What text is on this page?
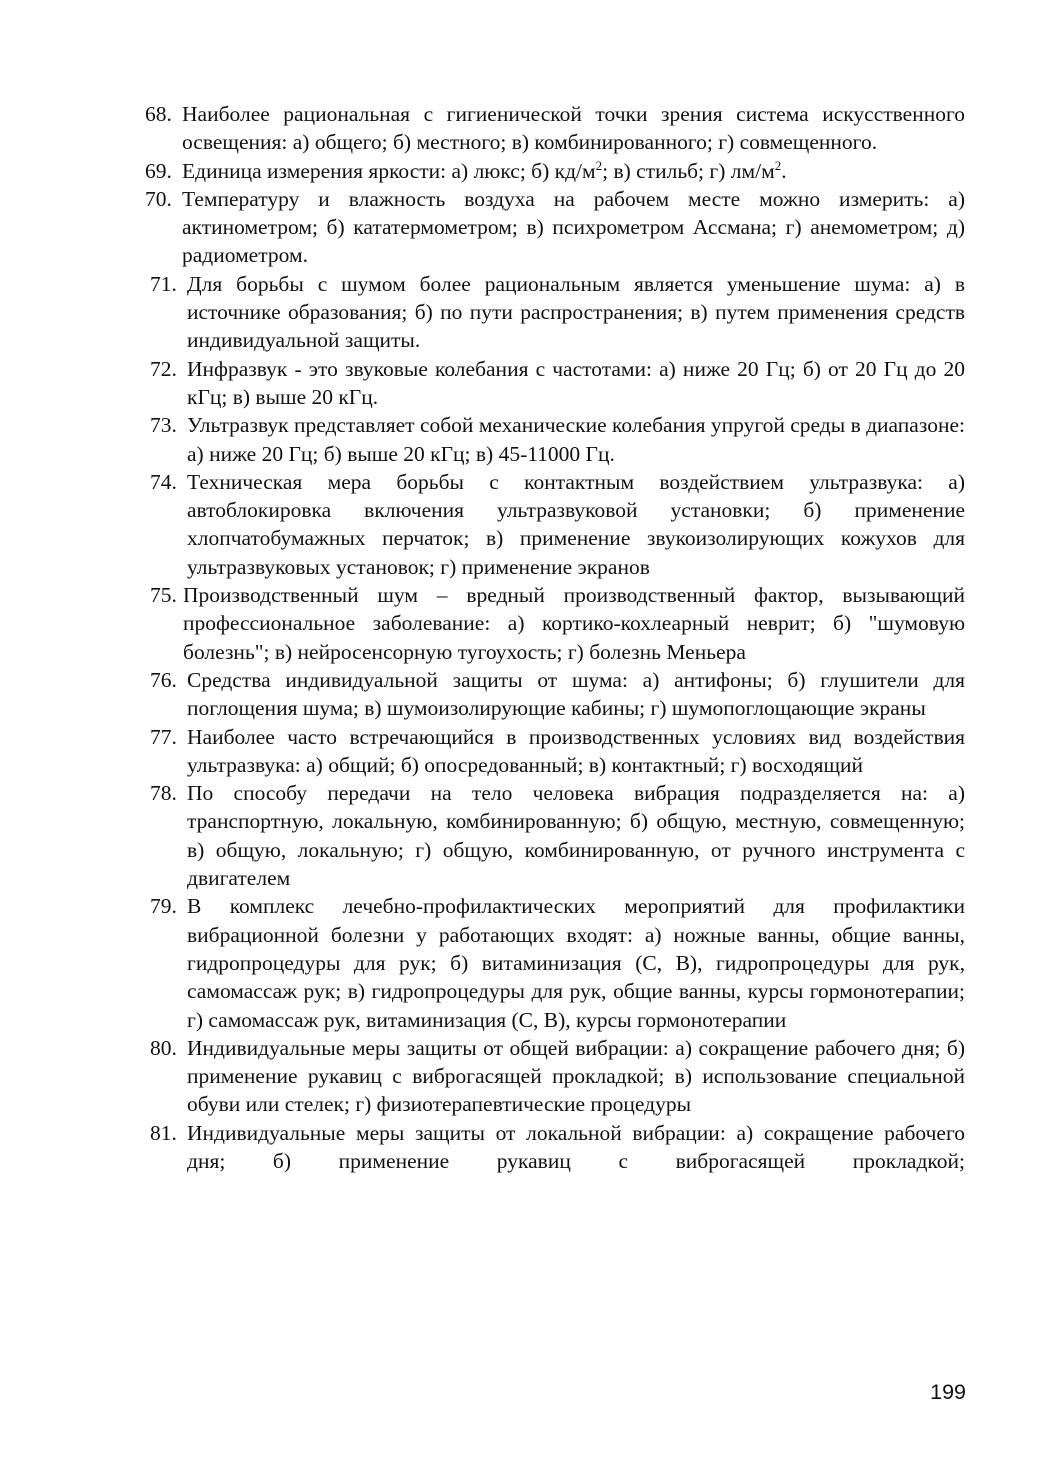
68. Наиболее рациональная с гигиенической точки зрения система искусственного освещения: а) общего; б) местного; в) комбинированного; г) совмещенного.
69. Единица измерения яркости: а) люкс; б) $кд/м^2$; в) стильб; г) $лм/м^2$.
70. Температуру и влажность воздуха на рабочем месте можно измерить: а) актинометром; б) кататермометром; в) психрометром Ассмана; г) анемометром; д) радиометром.
71. Для борьбы с шумом более рациональным является уменьшение шума: а) в источнике образования; б) по пути распространения; в) путем применения средств индивидуальной защиты.
72. Инфразвук - это звуковые колебания с частотами: а) ниже 20 Гц; б) от 20 Гц до 20 кГц; в) выше 20 кГц.
73. Ультразвук представляет собой механические колебания упругой среды в диапазоне: а) ниже 20 Гц; б) выше 20 кГц; в) 45-11000 Гц.
74. Техническая мера борьбы с контактным воздействием ультразвука: а) автоблокировка включения ультразвуковой установки; б) применение хлопчатобумажных перчаток; в) применение звукоизолирующих кожухов для ультразвуковых установок; г) применение экранов
75. Производственный шум – вредный производственный фактор, вызывающий профессиональное заболевание: а) кортико-кохлеарный неврит; б) "шумовую болезнь"; в) нейросенсорную тугоухость; г) болезнь Меньера
76. Средства индивидуальной защиты от шума: а) антифоны; б) глушители для поглощения шума; в) шумоизолирующие кабины; г) шумопоглощающие экраны
77. Наиболее часто встречающийся в производственных условиях вид воздействия ультразвука: а) общий; б) опосредованный; в) контактный; г) восходящий
78. По способу передачи на тело человека вибрация подразделяется на: а) транспортную, локальную, комбинированную; б) общую, местную, совмещенную; в) общую, локальную; г) общую, комбинированную, от ручного инструмента с двигателем
79. В комплекс лечебно-профилактических мероприятий для профилактики вибрационной болезни у работающих входят: а) ножные ванны, общие ванны, гидропроцедуры для рук; б) витаминизация (С, В), гидропроцедуры для рук, самомассаж рук; в) гидропроцедуры для рук, общие ванны, курсы гормонотерапии; г) самомассаж рук, витаминизация (С, В), курсы гормонотерапии
80. Индивидуальные меры защиты от общей вибрации: а) сокращение рабочего дня; б) применение рукавиц с виброгасящей прокладкой; в) использование специальной обуви или стелек; г) физиотерапевтические процедуры
81. Индивидуальные меры защиты от локальной вибрации: а) сокращение рабочего дня; б) применение рукавиц с виброгасящей прокладкой;
199
